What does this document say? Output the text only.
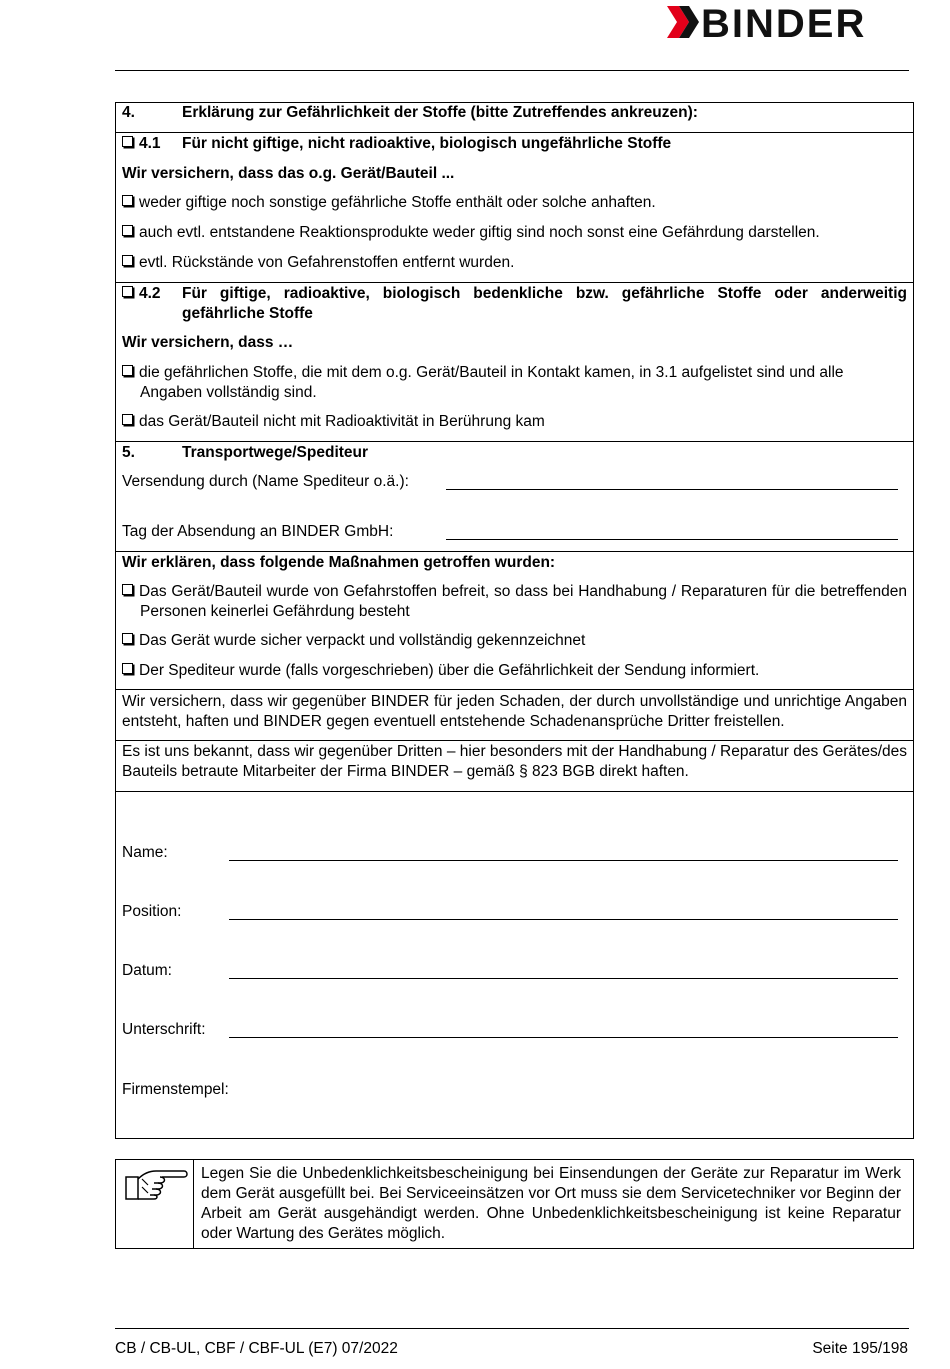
BINDER
4.	Erklärung zur Gefährlichkeit der Stoffe (bitte Zutreffendes ankreuzen):
4.1 Für nicht giftige, nicht radioaktive, biologisch ungefährliche Stoffe
Wir versichern, dass das o.g. Gerät/Bauteil ...
weder giftige noch sonstige gefährliche Stoffe enthält oder solche anhaften.
auch evtl. entstandene Reaktionsprodukte weder giftig sind noch sonst eine Gefährdung darstellen.
evtl. Rückstände von Gefahrenstoffen entfernt wurden.
4.2 Für giftige, radioaktive, biologisch bedenkliche bzw. gefährliche Stoffe oder anderweitig gefährliche Stoffe
Wir versichern, dass …
die gefährlichen Stoffe, die mit dem o.g. Gerät/Bauteil in Kontakt kamen, in 3.1 aufgelistet sind und alle Angaben vollständig sind.
das Gerät/Bauteil nicht mit Radioaktivität in Berührung kam
5.	Transportwege/Spediteur
Versendung durch (Name Spediteur o.ä.):
Tag der Absendung an BINDER GmbH:
Wir erklären, dass folgende Maßnahmen getroffen wurden:
Das Gerät/Bauteil wurde von Gefahrstoffen befreit, so dass bei Handhabung / Reparaturen für die betreffenden Personen keinerlei Gefährdung besteht
Das Gerät wurde sicher verpackt und vollständig gekennzeichnet
Der Spediteur wurde (falls vorgeschrieben) über die Gefährlichkeit der Sendung informiert.
Wir versichern, dass wir gegenüber BINDER für jeden Schaden, der durch unvollständige und unrichtige Angaben entsteht, haften und BINDER gegen eventuell entstehende Schadenansprüche Dritter freistellen.
Es ist uns bekannt, dass wir gegenüber Dritten – hier besonders mit der Handhabung / Reparatur des Gerätes/des Bauteils betraute Mitarbeiter der Firma BINDER – gemäß § 823 BGB direkt haften.
Name:
Position:
Datum:
Unterschrift:
Firmenstempel:
Legen Sie die Unbedenklichkeitsbescheinigung bei Einsendungen der Geräte zur Reparatur im Werk dem Gerät ausgefüllt bei. Bei Serviceeinsätzen vor Ort muss sie dem Servicetechniker vor Beginn der Arbeit am Gerät ausgehändigt werden. Ohne Unbedenklichkeitsbescheinigung ist keine Reparatur oder Wartung des Gerätes möglich.
CB / CB-UL, CBF / CBF-UL (E7) 07/2022	Seite 195/198
